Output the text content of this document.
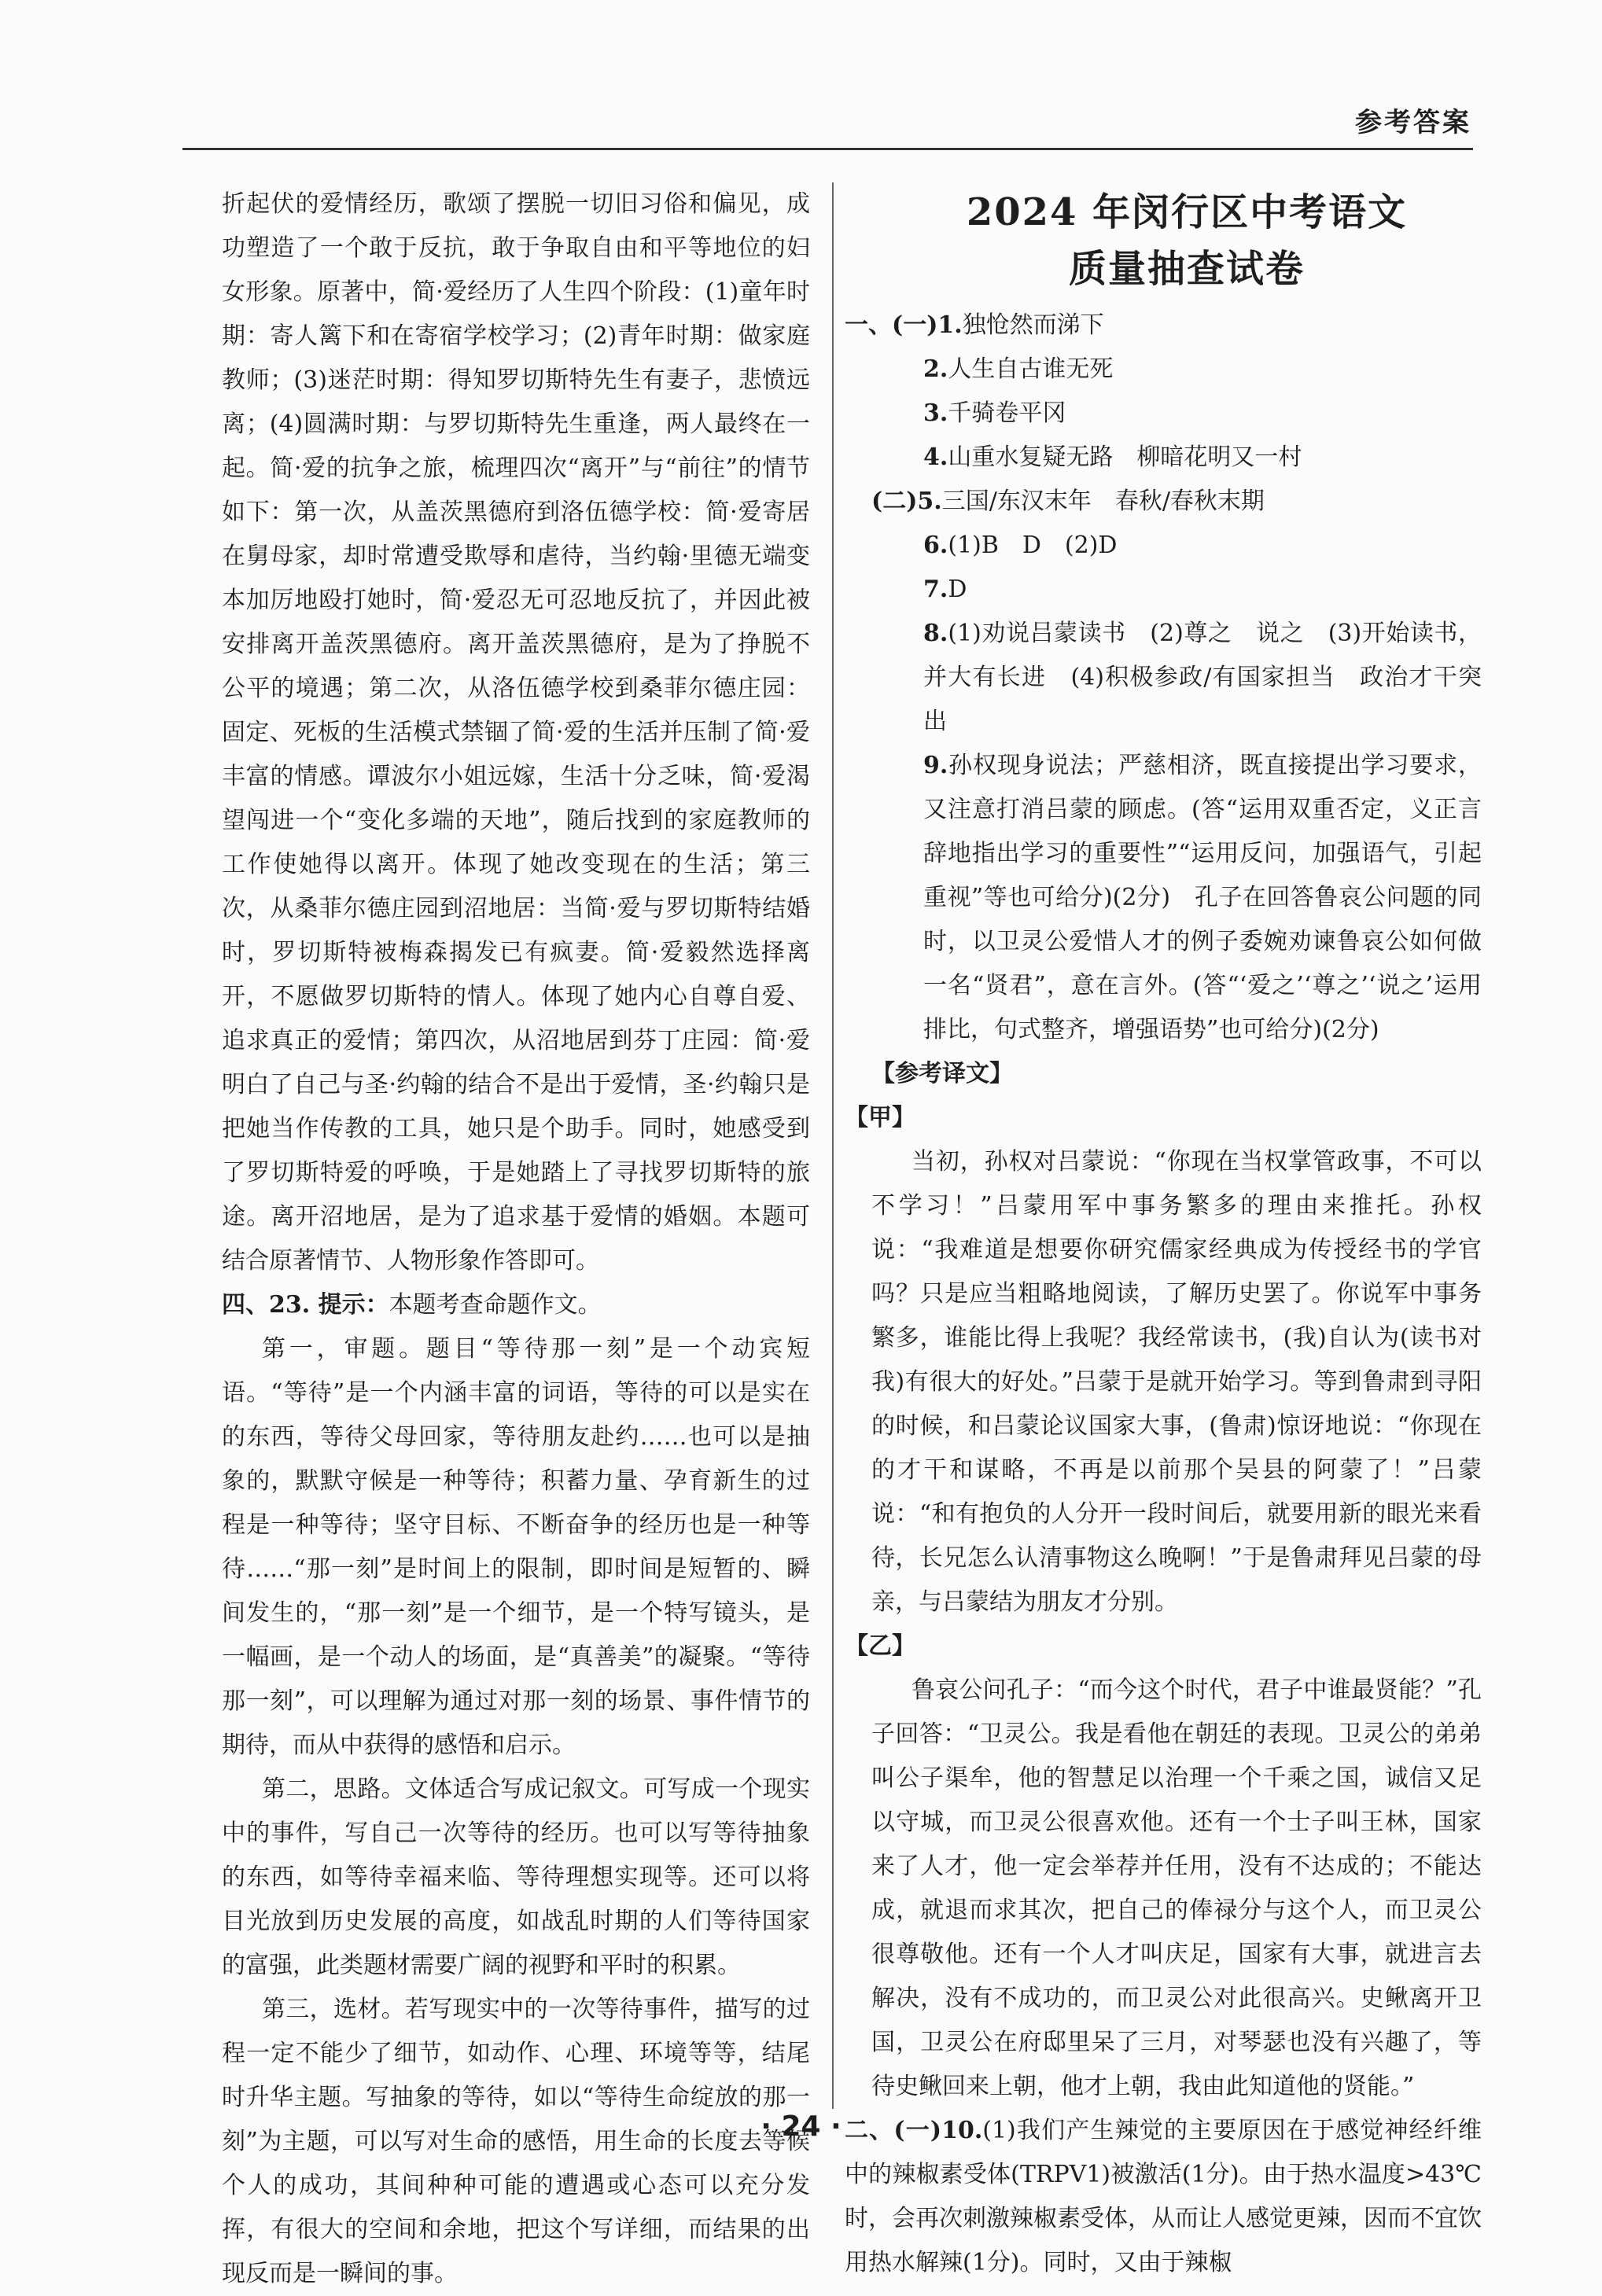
参考答案

折起伏的爱情经历，歌颂了摆脱一切旧习俗和偏见，成功塑造了一个敢于反抗，敢于争取自由和平等地位的妇女形象。原著中，简·爱经历了人生四个阶段：(1)童年时期：寄人篱下和在寄宿学校学习；(2)青年时期：做家庭教师；(3)迷茫时期：得知罗切斯特先生有妻子，悲愤远离；(4)圆满时期：与罗切斯特先生重逢，两人最终在一起。简·爱的抗争之旅，梳理四次“离开”与“前往”的情节如下：第一次，从盖茨黑德府到洛伍德学校：简·爱寄居在舅母家，却时常遭受欺辱和虐待，当约翰·里德无端变本加厉地殴打她时，简·爱忍无可忍地反抗了，并因此被安排离开盖茨黑德府。离开盖茨黑德府，是为了挣脱不公平的境遇；第二次，从洛伍德学校到桑菲尔德庄园：固定、死板的生活模式禁锢了简·爱的生活并压制了简·爱丰富的情感。谭波尔小姐远嫁，生活十分乏味，简·爱渴望闯进一个“变化多端的天地”，随后找到的家庭教师的工作使她得以离开。体现了她改变现在的生活；第三次，从桑菲尔德庄园到沼地居：当简·爱与罗切斯特结婚时，罗切斯特被梅森揭发已有疯妻。简·爱毅然选择离开，不愿做罗切斯特的情人。体现了她内心自尊自爱、追求真正的爱情；第四次，从沼地居到芬丁庄园：简·爱明白了自己与圣·约翰的结合不是出于爱情，圣·约翰只是把她当作传教的工具，她只是个助手。同时，她感受到了罗切斯特爱的呼唤，于是她踏上了寻找罗切斯特的旅途。离开沼地居，是为了追求基于爱情的婚姻。本题可结合原著情节、人物形象作答即可。

四、23. 提示：本题考查命题作文。

第一，审题。题目“等待那一刻”是一个动宾短语。“等待”是一个内涵丰富的词语，等待的可以是实在的东西，等待父母回家，等待朋友赴约……也可以是抽象的，默默守候是一种等待；积蓄力量、孕育新生的过程是一种等待；坚守目标、不断奋争的经历也是一种等待……“那一刻”是时间上的限制，即时间是短暂的、瞬间发生的，“那一刻”是一个细节，是一个特写镜头，是一幅画，是一个动人的场面，是“真善美”的凝聚。“等待那一刻”，可以理解为通过对那一刻的场景、事件情节的期待，而从中获得的感悟和启示。

第二，思路。文体适合写成记叙文。可写成一个现实中的事件，写自己一次等待的经历。也可以写等待抽象的东西，如等待幸福来临、等待理想实现等。还可以将目光放到历史发展的高度，如战乱时期的人们等待国家的富强，此类题材需要广阔的视野和平时的积累。

第三，选材。若写现实中的一次等待事件，描写的过程一定不能少了细节，如动作、心理、环境等等，结尾时升华主题。写抽象的等待，如以“等待生命绽放的那一刻”为主题，可以写对生命的感悟，用生命的长度去等候个人的成功，其间种种可能的遭遇或心态可以充分发挥，有很大的空间和余地，把这个写详细，而结果的出现反而是一瞬间的事。

2024 年闵行区中考语文
质量抽查试卷

一、(一)1.独怆然而涕下

2.人生自古谁无死

3.千骑卷平冈

4.山重水复疑无路　柳暗花明又一村

(二)5.三国/东汉末年　春秋/春秋末期

6.(1)B　D　(2)D

7.D

8.(1)劝说吕蒙读书　(2)尊之　说之　(3)开始读书，并大有长进　(4)积极参政/有国家担当　政治才干突出

9.孙权现身说法；严慈相济，既直接提出学习要求，又注意打消吕蒙的顾虑。(答“运用双重否定，义正言辞地指出学习的重要性”“运用反问，加强语气，引起重视”等也可给分)(2分)　孔子在回答鲁哀公问题的同时，以卫灵公爱惜人才的例子委婉劝谏鲁哀公如何做一名“贤君”，意在言外。(答“‘爱之’‘尊之’‘说之’运用排比，句式整齐，增强语势”也可给分)(2分)

【参考译文】

【甲】

当初，孙权对吕蒙说：“你现在当权掌管政事，不可以不学习！”吕蒙用军中事务繁多的理由来推托。孙权说：“我难道是想要你研究儒家经典成为传授经书的学官吗？只是应当粗略地阅读，了解历史罢了。你说军中事务繁多，谁能比得上我呢？我经常读书，(我)自认为(读书对我)有很大的好处。”吕蒙于是就开始学习。等到鲁肃到寻阳的时候，和吕蒙论议国家大事，(鲁肃)惊讶地说：“你现在的才干和谋略，不再是以前那个吴县的阿蒙了！”吕蒙说：“和有抱负的人分开一段时间后，就要用新的眼光来看待，长兄怎么认清事物这么晚啊！”于是鲁肃拜见吕蒙的母亲，与吕蒙结为朋友才分别。

【乙】

鲁哀公问孔子：“而今这个时代，君子中谁最贤能？”孔子回答：“卫灵公。我是看他在朝廷的表现。卫灵公的弟弟叫公子渠牟，他的智慧足以治理一个千乘之国，诚信又足以守城，而卫灵公很喜欢他。还有一个士子叫王林，国家来了人才，他一定会举荐并任用，没有不达成的；不能达成，就退而求其次，把自己的俸禄分与这个人，而卫灵公很尊敬他。还有一个人才叫庆足，国家有大事，就进言去解决，没有不成功的，而卫灵公对此很高兴。史鳅离开卫国，卫灵公在府邸里呆了三月，对琴瑟也没有兴趣了，等待史鳅回来上朝，他才上朝，我由此知道他的贤能。”

二、(一)10.(1)我们产生辣觉的主要原因在于感觉神经纤维中的辣椒素受体(TRPV1)被激活(1分)。由于热水温度>43℃时，会再次刺激辣椒素受体，从而让人感觉更辣，因而不宜饮用热水解辣(1分)。同时，又由于辣椒

· 24 ·
